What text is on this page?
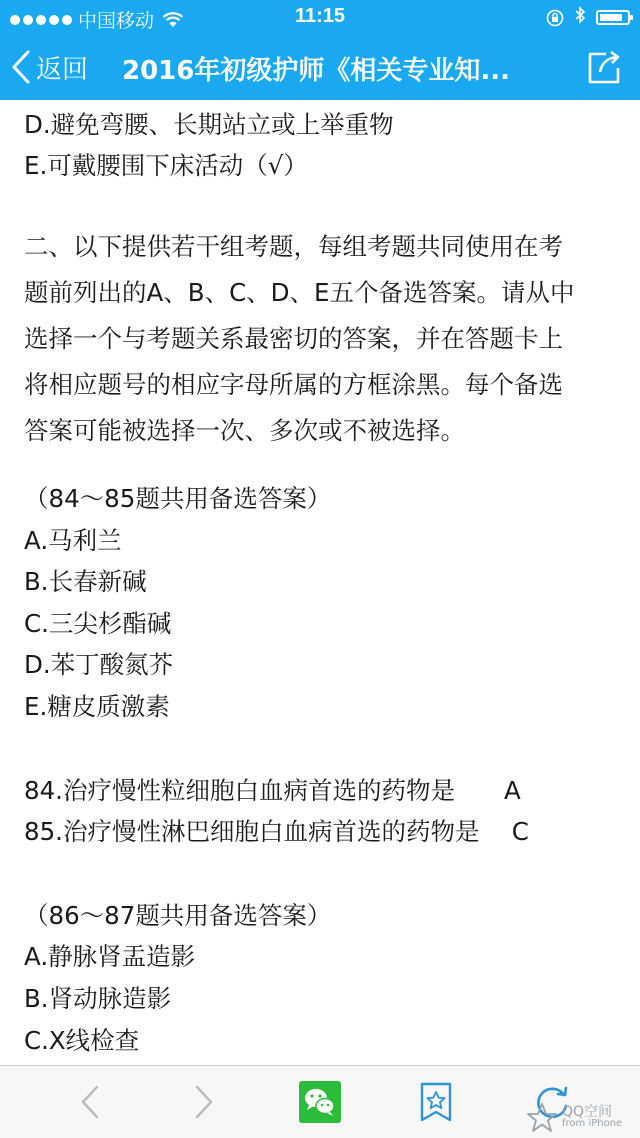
中国移动	11:15
返回 2016年初级护师《相关专业知...

D.避免弯腰、长期站立或上举重物

E.可戴腰围下床活动（√）

二、以下提供若干组考题，每组考题共同使用在考

题前列出的A、B、C、D、E五个备选答案。请从中

选择一个与考题关系最密切的答案，并在答题卡上

将相应题号的相应字母所属的方框涂黑。每个备选

答案可能被选择一次、多次或不被选择。

（84～85题共用备选答案）

A.马利兰

B.长春新碱

C.三尖杉酯碱

D.苯丁酸氮芥

E.糖皮质激素

84.治疗慢性粒细胞白血病首选的药物是　　A

85.治疗慢性淋巴细胞白血病首选的药物是　 C

（86～87题共用备选答案）

A.静脉肾盂造影

B.肾动脉造影

C.X线检查

QQ空间
from iPhone
